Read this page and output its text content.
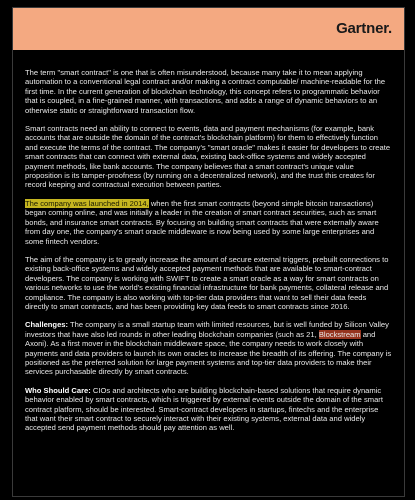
Gartner.

The term "smart contract" is one that is often misunderstood, because many take it to mean applying automation to a conventional legal contract and/or making a contract computable/ machine-readable for the first time. In the current generation of blockchain technology, this concept refers to programmatic behavior that is coupled, in a fine-grained manner, with transactions, and adds a range of dynamic behaviors to an otherwise static or straightforward transaction flow.

Smart contracts need an ability to connect to events, data and payment mechanisms (for example, bank accounts that are outside the domain of the contract's blockchain platform) for them to effectively function and execute the terms of the contract. The company's "smart oracle" makes it easier for developers to create smart contracts that can connect with external data, existing back-office systems and widely accepted payment methods, like bank accounts. The company believes that a smart contract's unique value proposition is its tamper-proofness (by running on a decentralized network), and the trust this creates for record keeping and contractual execution between parties.

The company was launched in 2014, when the first smart contracts (beyond simple bitcoin transactions) began coming online, and was initially a leader in the creation of smart contract securities, such as smart bonds, and insurance smart contracts. By focusing on building smart contracts that were externally aware from day one, the company's smart oracle middleware is now being used by some large enterprises and some fintech vendors.

The aim of the company is to greatly increase the amount of secure external triggers, prebuilt connections to existing back-office systems and widely accepted payment methods that are available to smart-contract developers. The company is working with SWIFT to create a smart oracle as a way for smart contracts on various networks to use the world's existing financial infrastructure for bank payments, collateral release and compliance. The company is also working with top-tier data providers that want to sell their data feeds directly to smart contracts, and has been providing key data feeds to smart contracts since 2016.

Challenges: The company is a small startup team with limited resources, but is well funded by Silicon Valley investors that have also led rounds in other leading blockchain companies (such as 21, Blockstream and Axoni). As a first mover in the blockchain middleware space, the company needs to work closely with payments and data providers to launch its own oracles to increase the breadth of its offering. The company is positioned as the preferred solution for large payment systems and top-tier data providers to make their services purchasable directly by smart contracts.

Who Should Care: CIOs and architects who are building blockchain-based solutions that require dynamic behavior enabled by smart contracts, which is triggered by external events outside the domain of the smart contract platform, should be interested. Smart-contract developers in startups, fintechs and the enterprise that want their smart contract to securely interact with their existing systems, external data and widely accepted send payment methods should pay attention as well.
